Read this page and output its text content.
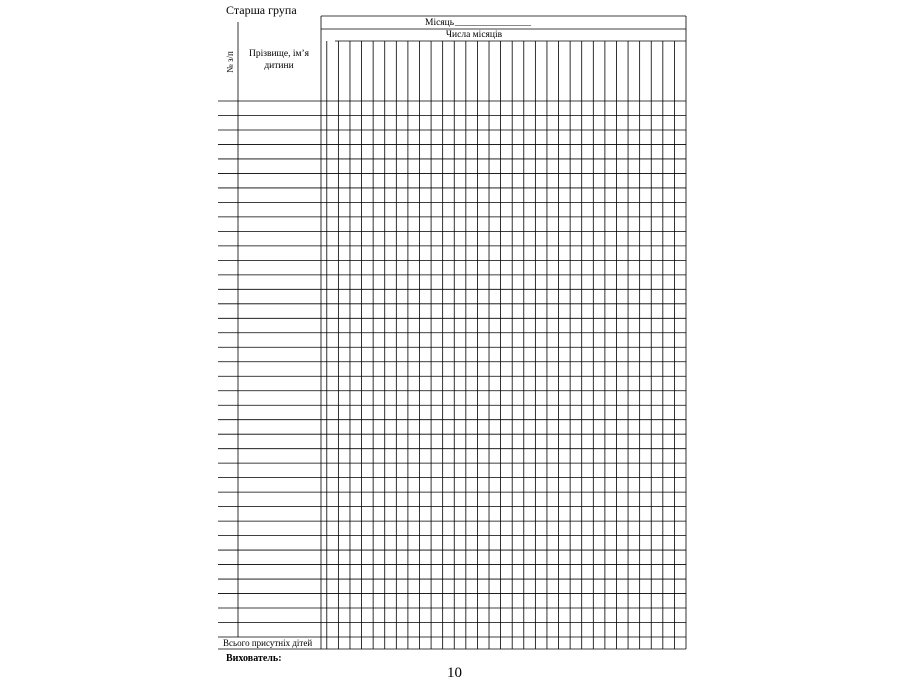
Старша група
№ з/п Прізвище, ім’я
дитини
Місяць ________________
Числа місяців
Всього присутніх дітей
Вихователь:
10
